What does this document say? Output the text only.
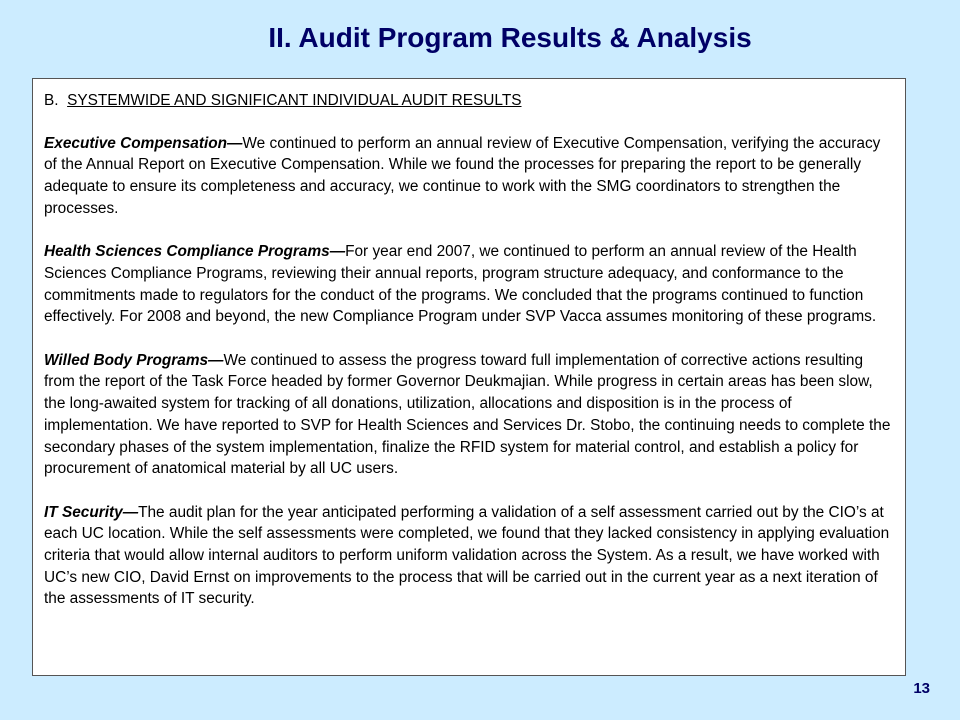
II. Audit Program Results & Analysis
B. SYSTEMWIDE AND SIGNIFICANT INDIVIDUAL AUDIT RESULTS

Executive Compensation—We continued to perform an annual review of Executive Compensation, verifying the accuracy of the Annual Report on Executive Compensation. While we found the processes for preparing the report to be generally adequate to ensure its completeness and accuracy, we continue to work with the SMG coordinators to strengthen the processes.

Health Sciences Compliance Programs—For year end 2007, we continued to perform an annual review of the Health Sciences Compliance Programs, reviewing their annual reports, program structure adequacy, and conformance to the commitments made to regulators for the conduct of the programs. We concluded that the programs continued to function effectively. For 2008 and beyond, the new Compliance Program under SVP Vacca assumes monitoring of these programs.

Willed Body Programs—We continued to assess the progress toward full implementation of corrective actions resulting from the report of the Task Force headed by former Governor Deukmajian. While progress in certain areas has been slow, the long-awaited system for tracking of all donations, utilization, allocations and disposition is in the process of implementation. We have reported to SVP for Health Sciences and Services Dr. Stobo, the continuing needs to complete the secondary phases of the system implementation, finalize the RFID system for material control, and establish a policy for procurement of anatomical material by all UC users.

IT Security—The audit plan for the year anticipated performing a validation of a self assessment carried out by the CIO’s at each UC location. While the self assessments were completed, we found that they lacked consistency in applying evaluation criteria that would allow internal auditors to perform uniform validation across the System. As a result, we have worked with UC’s new CIO, David Ernst on improvements to the process that will be carried out in the current year as a next iteration of the assessments of IT security.

13
